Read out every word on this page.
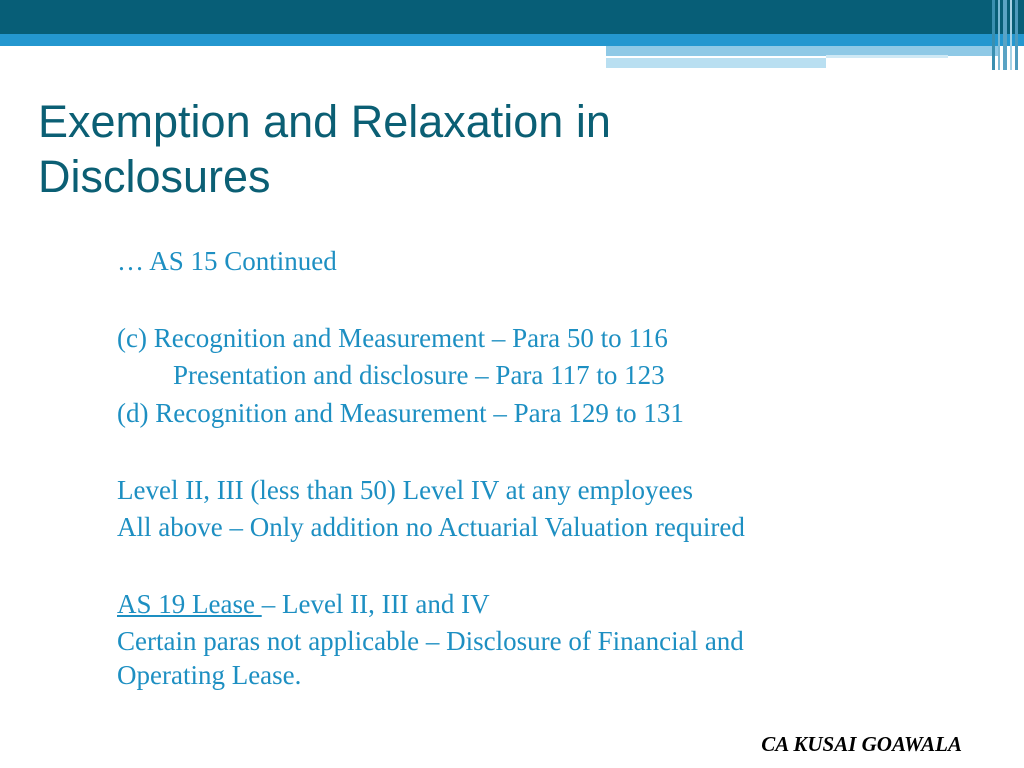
Exemption and Relaxation in
Disclosures
… AS 15 Continued
(c) Recognition and Measurement – Para 50 to 116
Presentation and disclosure – Para 117 to 123
(d) Recognition and Measurement – Para 129 to 131
Level II, III (less than 50) Level IV at any employees
All above – Only addition no Actuarial Valuation required
AS 19 Lease – Level II, III and IV
Certain paras not applicable – Disclosure of Financial and
Operating Lease.
CA KUSAI GOAWALA
